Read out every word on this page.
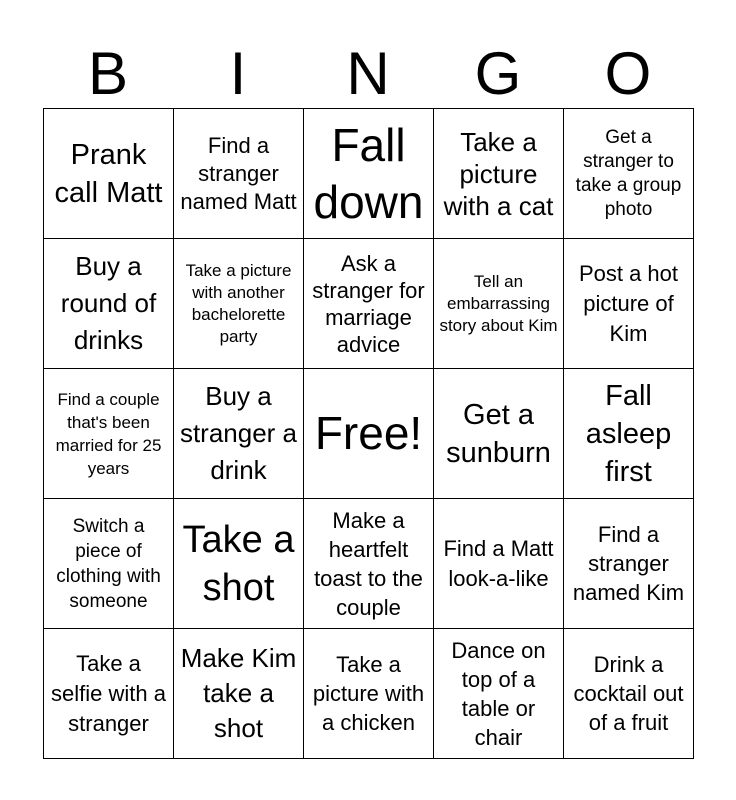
B	I	N	G	O
Prank call Matt	Find a stranger named Matt	Fall down	Take a picture with a cat	Get a stranger to take a group photo

Buy a round of drinks	Take a picture with another bachelorette party	Ask a stranger for marriage advice	Tell an embarrassing story about Kim	Post a hot picture of Kim

Find a couple that's been married for 25 years	Buy a stranger a drink	Free!	Get a sunburn	Fall asleep first

Switch a piece of clothing with someone	Take a shot	Make a heartfelt toast to the couple	Find a Matt look-a-like	Find a stranger named Kim

Take a selfie with a stranger	Make Kim take a shot	Take a picture with a chicken	Dance on top of a table or chair	Drink a cocktail out of a fruit
